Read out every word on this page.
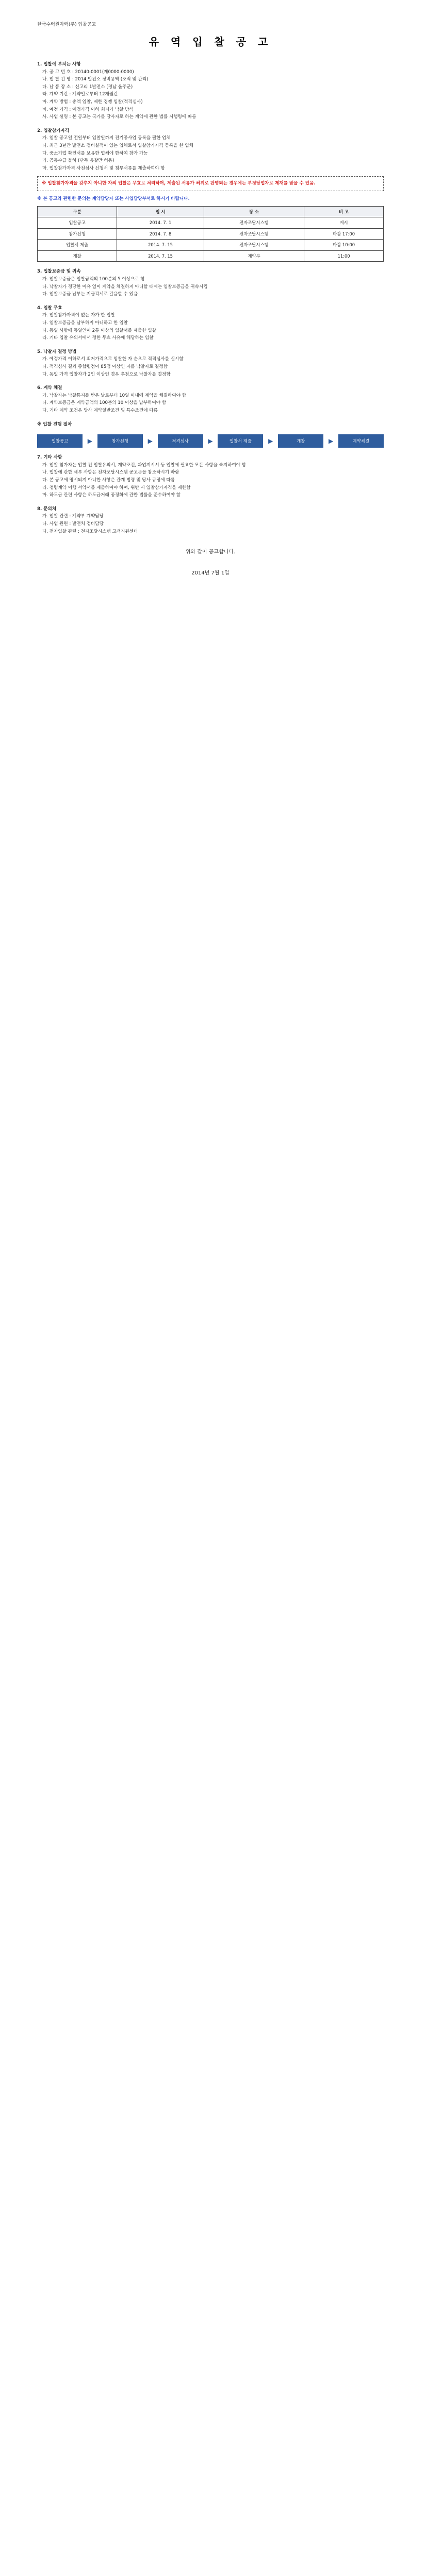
한국수력원자력(주) 입찰공고
유 역 입 찰 공 고
1. 입찰에 부치는 사항
가. 공 고 번 호 : 20140-0001(제0000-0000)
나. 입 찰 건 명 : 2014 발전소 정비용역 (조직 및 관리)
다. 납 품 장 소 : 신고리 1발전소 (경남 울주군)
라. 계약 기간 : 계약일로부터 12개월간
마. 계약 방법 : 총액 입찰, 제한 경쟁 입찰(적격심사)
바. 예정 가격 : 예정가격 이하 최저가 낙찰 방식
사. 사업 설명 : 본 공고는 국가를 당사자로 하는 계약에 관한 법률 시행령에 따름
2. 입찰참가자격
가. 입찰 공고일 전일부터 입찰일까지 전기공사업 등록을 필한 업체
나. 최근 3년간 발전소 정비실적이 있는 업체로서 입찰참가자격 등록을 한 업체
다. 중소기업 확인서를 보유한 업체에 한하여 참가 가능
라. 공동수급 불허 (단독 응찰만 허용)
마. 입찰참가자격 사전심사 신청서 및 첨부서류를 제출하여야 함
※ 입찰참가자격을 갖추지 아니한 자의 입찰은 무효로 처리하며, 제출된 서류가 허위로 판명되는 경우에는 부정당업자로 제재를 받을 수 있음.
※ 본 공고와 관련한 문의는 계약담당자 또는 사업담당부서로 하시기 바랍니다.
구분	일 시	장 소	비 고
입찰공고	2014. 7. 1	전자조달시스템	게시
참가신청	2014. 7. 8	전자조달시스템	마감 17:00
입찰서 제출	2014. 7. 15	전자조달시스템	마감 10:00
개찰	2014. 7. 15	계약부	11:00
3. 입찰보증금 및 귀속
가. 입찰보증금은 입찰금액의 100분의 5 이상으로 함
나. 낙찰자가 정당한 이유 없이 계약을 체결하지 아니할 때에는 입찰보증금을 귀속시킴
다. 입찰보증금 납부는 지급각서로 갈음할 수 있음
4. 입찰 무효
가. 입찰참가자격이 없는 자가 한 입찰
나. 입찰보증금을 납부하지 아니하고 한 입찰
다. 동일 사항에 동일인이 2통 이상의 입찰서를 제출한 입찰
라. 기타 입찰 유의서에서 정한 무효 사유에 해당하는 입찰
5. 낙찰자 결정 방법
가. 예정가격 이하로서 최저가격으로 입찰한 자 순으로 적격심사를 실시함
나. 적격심사 결과 종합평점이 85점 이상인 자를 낙찰자로 결정함
다. 동일 가격 입찰자가 2인 이상인 경우 추첨으로 낙찰자를 결정함
6. 계약 체결
가. 낙찰자는 낙찰통지를 받은 날로부터 10일 이내에 계약을 체결하여야 함
나. 계약보증금은 계약금액의 100분의 10 이상을 납부하여야 함
다. 기타 계약 조건은 당사 계약일반조건 및 특수조건에 따름
※ 입찰 진행 절차
입찰공고	▶	참가신청	▶	적격심사	▶	입찰서 제출	▶	개찰	▶	계약체결
7. 기타 사항
가. 입찰 참가자는 입찰 전 입찰유의서, 계약조건, 과업지시서 등 입찰에 필요한 모든 사항을 숙지하여야 함
나. 입찰에 관한 세부 사항은 전자조달시스템 공고문을 참조하시기 바람
다. 본 공고에 명시되지 아니한 사항은 관계 법령 및 당사 규정에 따름
라. 청렴계약 이행 서약서를 제출하여야 하며, 위반 시 입찰참가자격을 제한함
마. 하도급 관련 사항은 하도급거래 공정화에 관한 법률을 준수하여야 함
8. 문의처
가. 입찰 관련 : 계약부 계약담당
나. 사업 관련 : 발전처 정비담당
다. 전자입찰 관련 : 전자조달시스템 고객지원센터
위와 같이 공고합니다.
2014년 7월 1일
